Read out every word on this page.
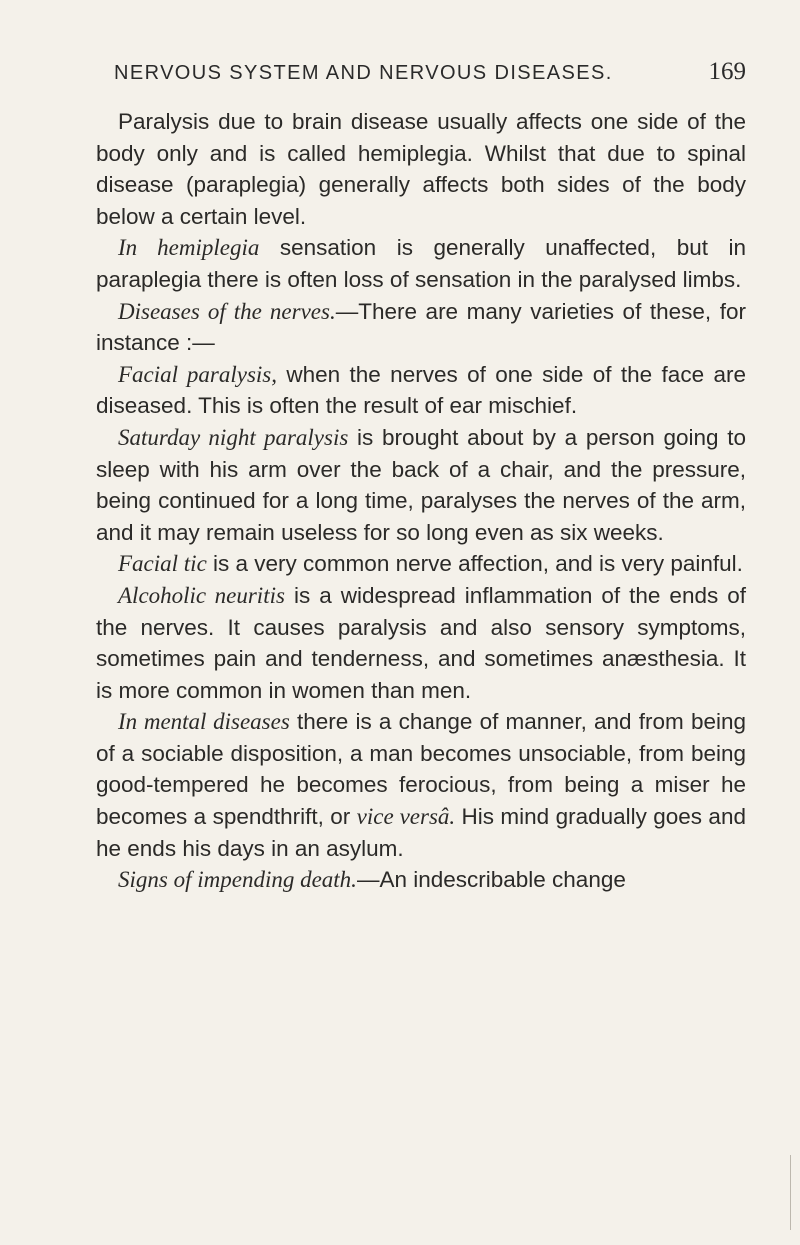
NERVOUS SYSTEM AND NERVOUS DISEASES.	169

Paralysis due to brain disease usually affects one side of the body only and is called hemiplegia. Whilst that due to spinal disease (paraplegia) generally affects both sides of the body below a certain level.

In hemiplegia sensation is generally unaffected, but in paraplegia there is often loss of sensation in the paralysed limbs.

Diseases of the nerves.—There are many varieties of these, for instance :—

Facial paralysis, when the nerves of one side of the face are diseased. This is often the result of ear mischief.

Saturday night paralysis is brought about by a person going to sleep with his arm over the back of a chair, and the pressure, being continued for a long time, paralyses the nerves of the arm, and it may remain useless for so long even as six weeks.

Facial tic is a very common nerve affection, and is very painful.

Alcoholic neuritis is a widespread inflammation of the ends of the nerves. It causes paralysis and also sensory symptoms, sometimes pain and tenderness, and sometimes anæsthesia. It is more common in women than men.

In mental diseases there is a change of manner, and from being of a sociable disposition, a man becomes unsociable, from being good-tempered he becomes ferocious, from being a miser he becomes a spendthrift, or vice versâ. His mind gradually goes and he ends his days in an asylum.

Signs of impending death.—An indescribable change
